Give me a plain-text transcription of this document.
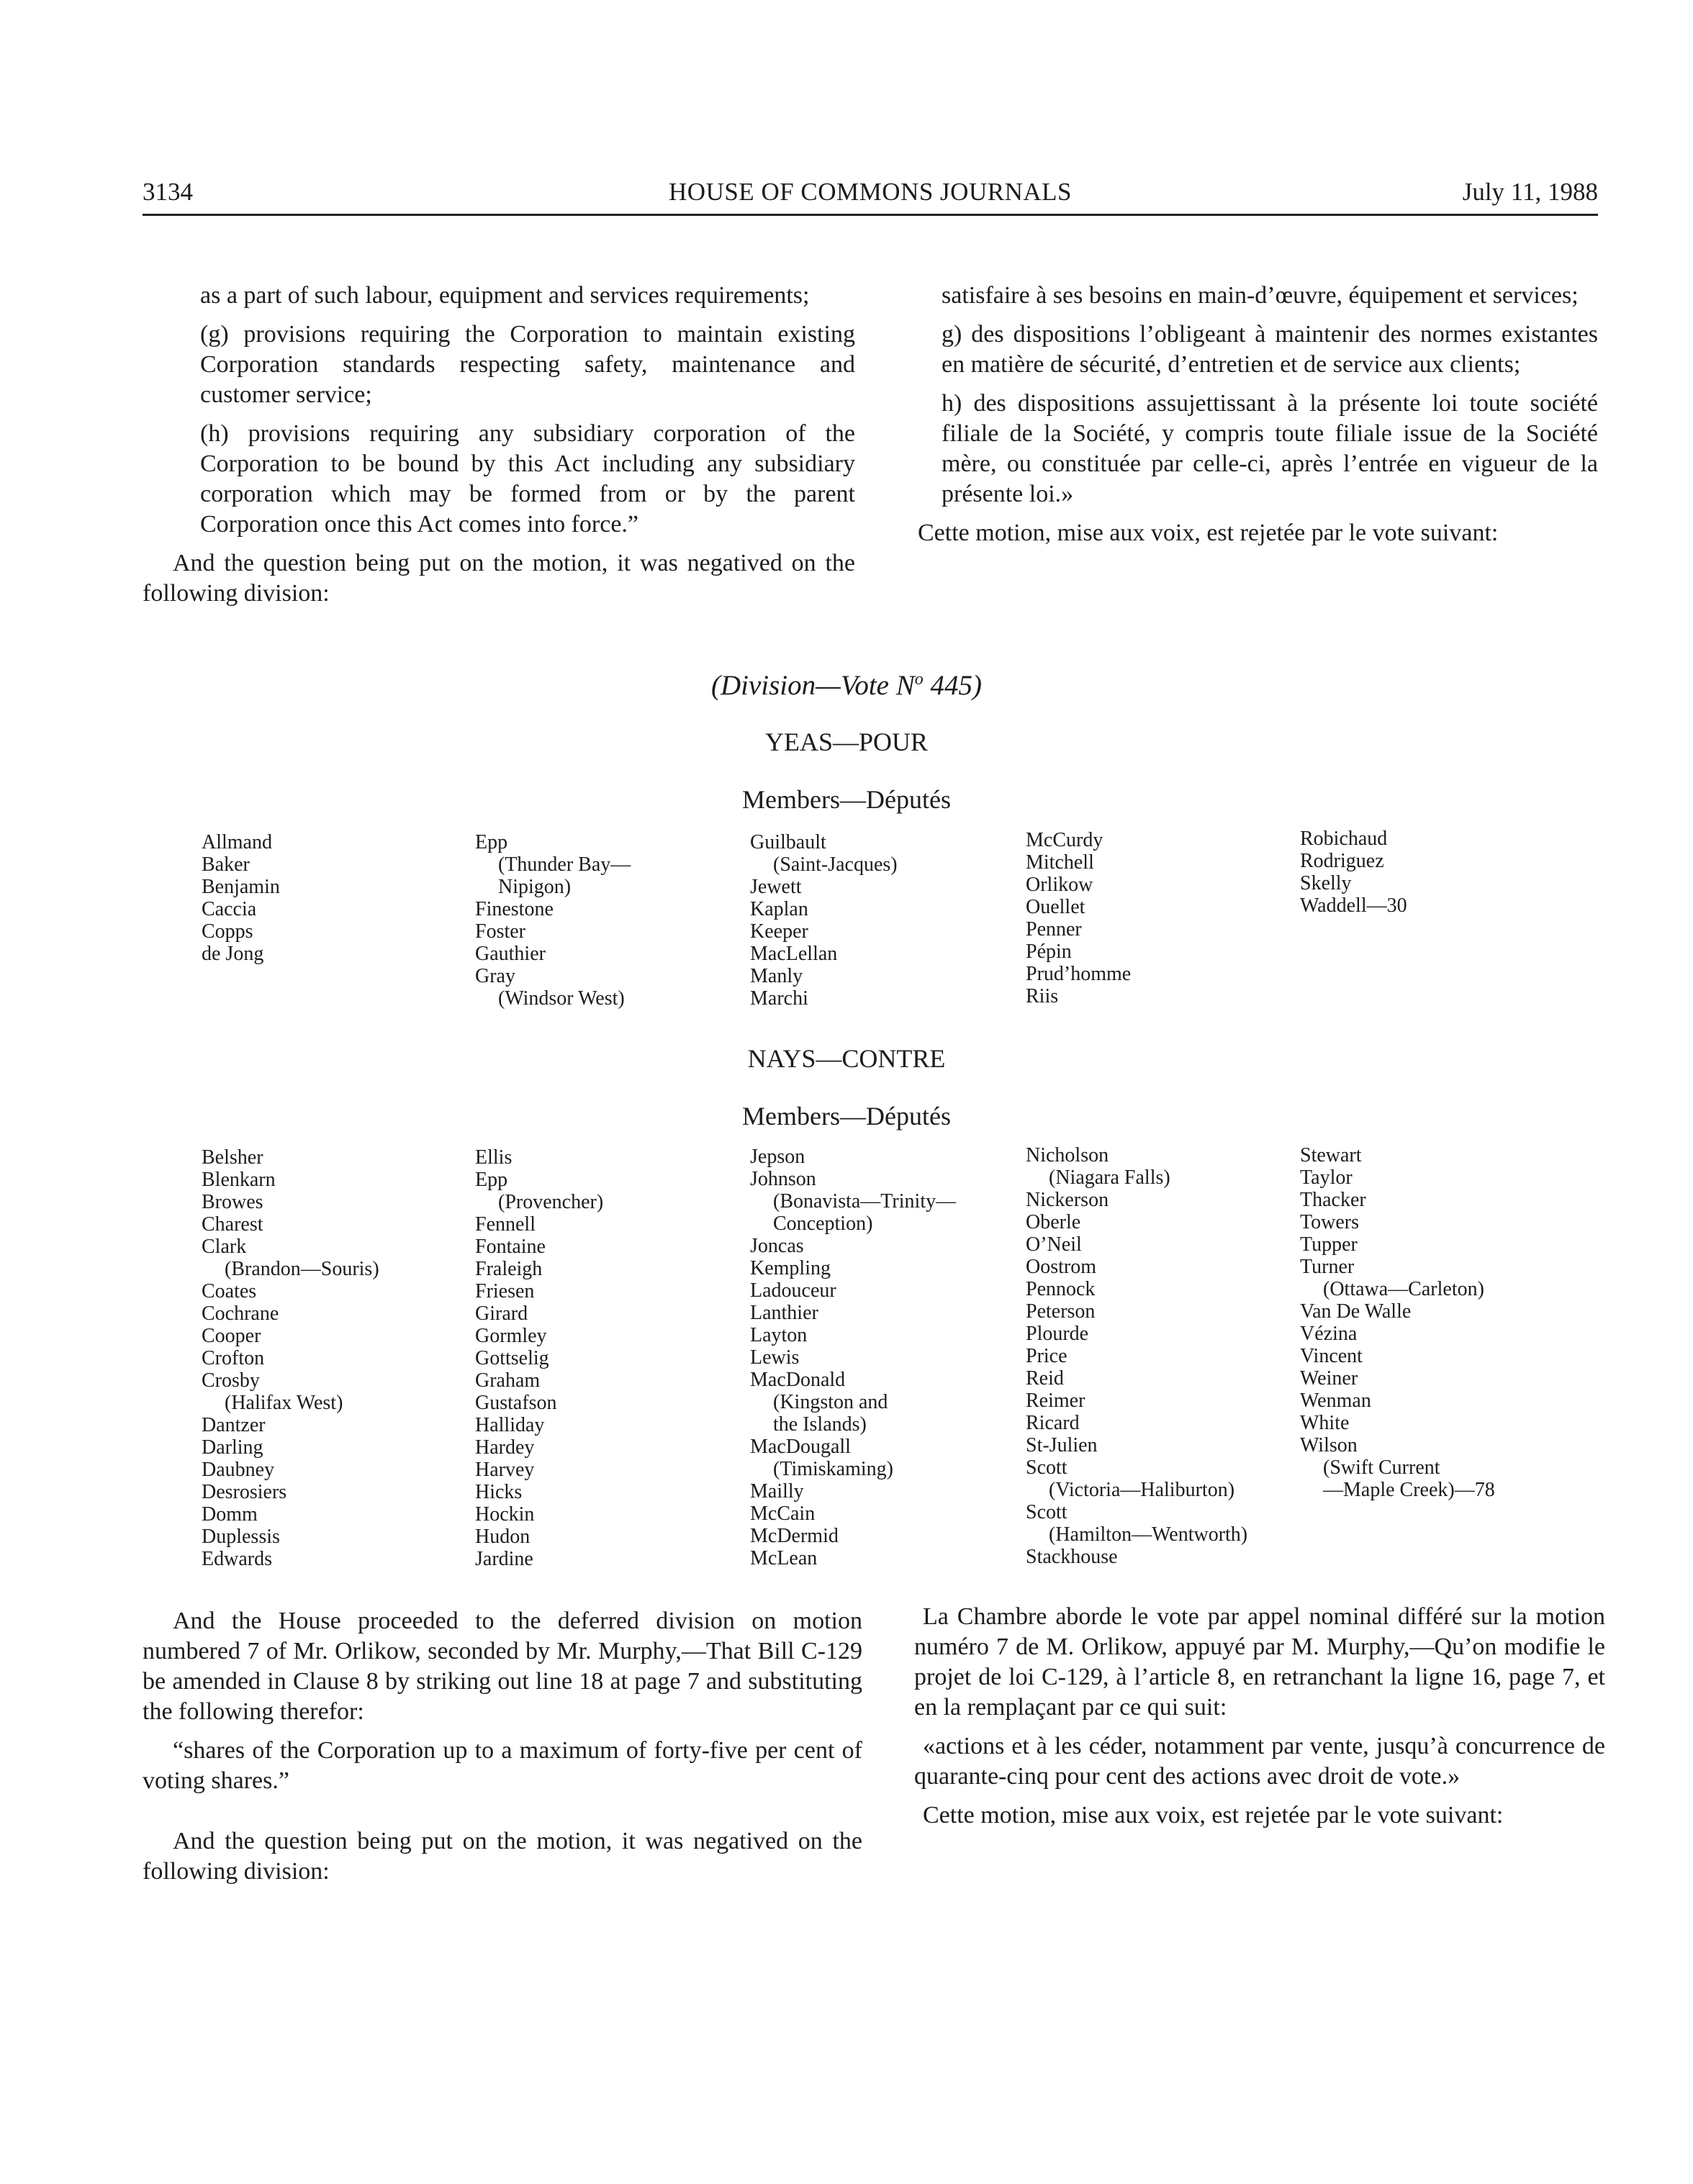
3134	HOUSE OF COMMONS JOURNALS	July 11, 1988

as a part of such labour, equipment and services requirements;

(g) provisions requiring the Corporation to maintain existing Corporation standards respecting safety, maintenance and customer service;

(h) provisions requiring any subsidiary corporation of the Corporation to be bound by this Act including any subsidiary corporation which may be formed from or by the parent Corporation once this Act comes into force.”

And the question being put on the motion, it was negatived on the following division:

satisfaire à ses besoins en main-d’œuvre, équipement et services;

g) des dispositions l’obligeant à maintenir des normes existantes en matière de sécurité, d’entretien et de service aux clients;

h) des dispositions assujettissant à la présente loi toute société filiale de la Société, y compris toute filiale issue de la Société mère, ou constituée par celle-ci, après l’entrée en vigueur de la présente loi.»

Cette motion, mise aux voix, est rejetée par le vote suivant:

(Division—Vote $N^o$ 445)
YEAS—POUR
Members—Députés
Allmand
Baker
Benjamin
Caccia
Copps
de Jong
Epp
(Thunder Bay—
Nipigon)
Finestone
Foster
Gauthier
Gray
(Windsor West)
Guilbault
(Saint-Jacques)
Jewett
Kaplan
Keeper
MacLellan
Manly
Marchi
McCurdy
Mitchell
Orlikow
Ouellet
Penner
Pépin
Prud’homme
Riis
Robichaud
Rodriguez
Skelly
Waddell—30
NAYS—CONTRE
Members—Députés
Belsher
Blenkarn
Browes
Charest
Clark
(Brandon—Souris)
Coates
Cochrane
Cooper
Crofton
Crosby
(Halifax West)
Dantzer
Darling
Daubney
Desrosiers
Domm
Duplessis
Edwards
Ellis
Epp
(Provencher)
Fennell
Fontaine
Fraleigh
Friesen
Girard
Gormley
Gottselig
Graham
Gustafson
Halliday
Hardey
Harvey
Hicks
Hockin
Hudon
Jardine
Jepson
Johnson
(Bonavista—Trinity—
Conception)
Joncas
Kempling
Ladouceur
Lanthier
Layton
Lewis
MacDonald
(Kingston and
the Islands)
MacDougall
(Timiskaming)
Mailly
McCain
McDermid
McLean
Nicholson
(Niagara Falls)
Nickerson
Oberle
O’Neil
Oostrom
Pennock
Peterson
Plourde
Price
Reid
Reimer
Ricard
St-Julien
Scott
(Victoria—Haliburton)
Scott
(Hamilton—Wentworth)
Stackhouse
Stewart
Taylor
Thacker
Towers
Tupper
Turner
(Ottawa—Carleton)
Van De Walle
Vézina
Vincent
Weiner
Wenman
White
Wilson
(Swift Current
—Maple Creek)—78

And the House proceeded to the deferred division on motion numbered 7 of Mr. Orlikow, seconded by Mr. Murphy,—That Bill C-129 be amended in Clause 8 by striking out line 18 at page 7 and substituting the following therefor:

“shares of the Corporation up to a maximum of forty-five per cent of voting shares.”

And the question being put on the motion, it was negatived on the following division:

La Chambre aborde le vote par appel nominal différé sur la motion numéro 7 de M. Orlikow, appuyé par M. Murphy,—Qu’on modifie le projet de loi C-129, à l’article 8, en retranchant la ligne 16, page 7, et en la remplaçant par ce qui suit:

«actions et à les céder, notamment par vente, jusqu’à concurrence de quarante-cinq pour cent des actions avec droit de vote.»

Cette motion, mise aux voix, est rejetée par le vote suivant:
